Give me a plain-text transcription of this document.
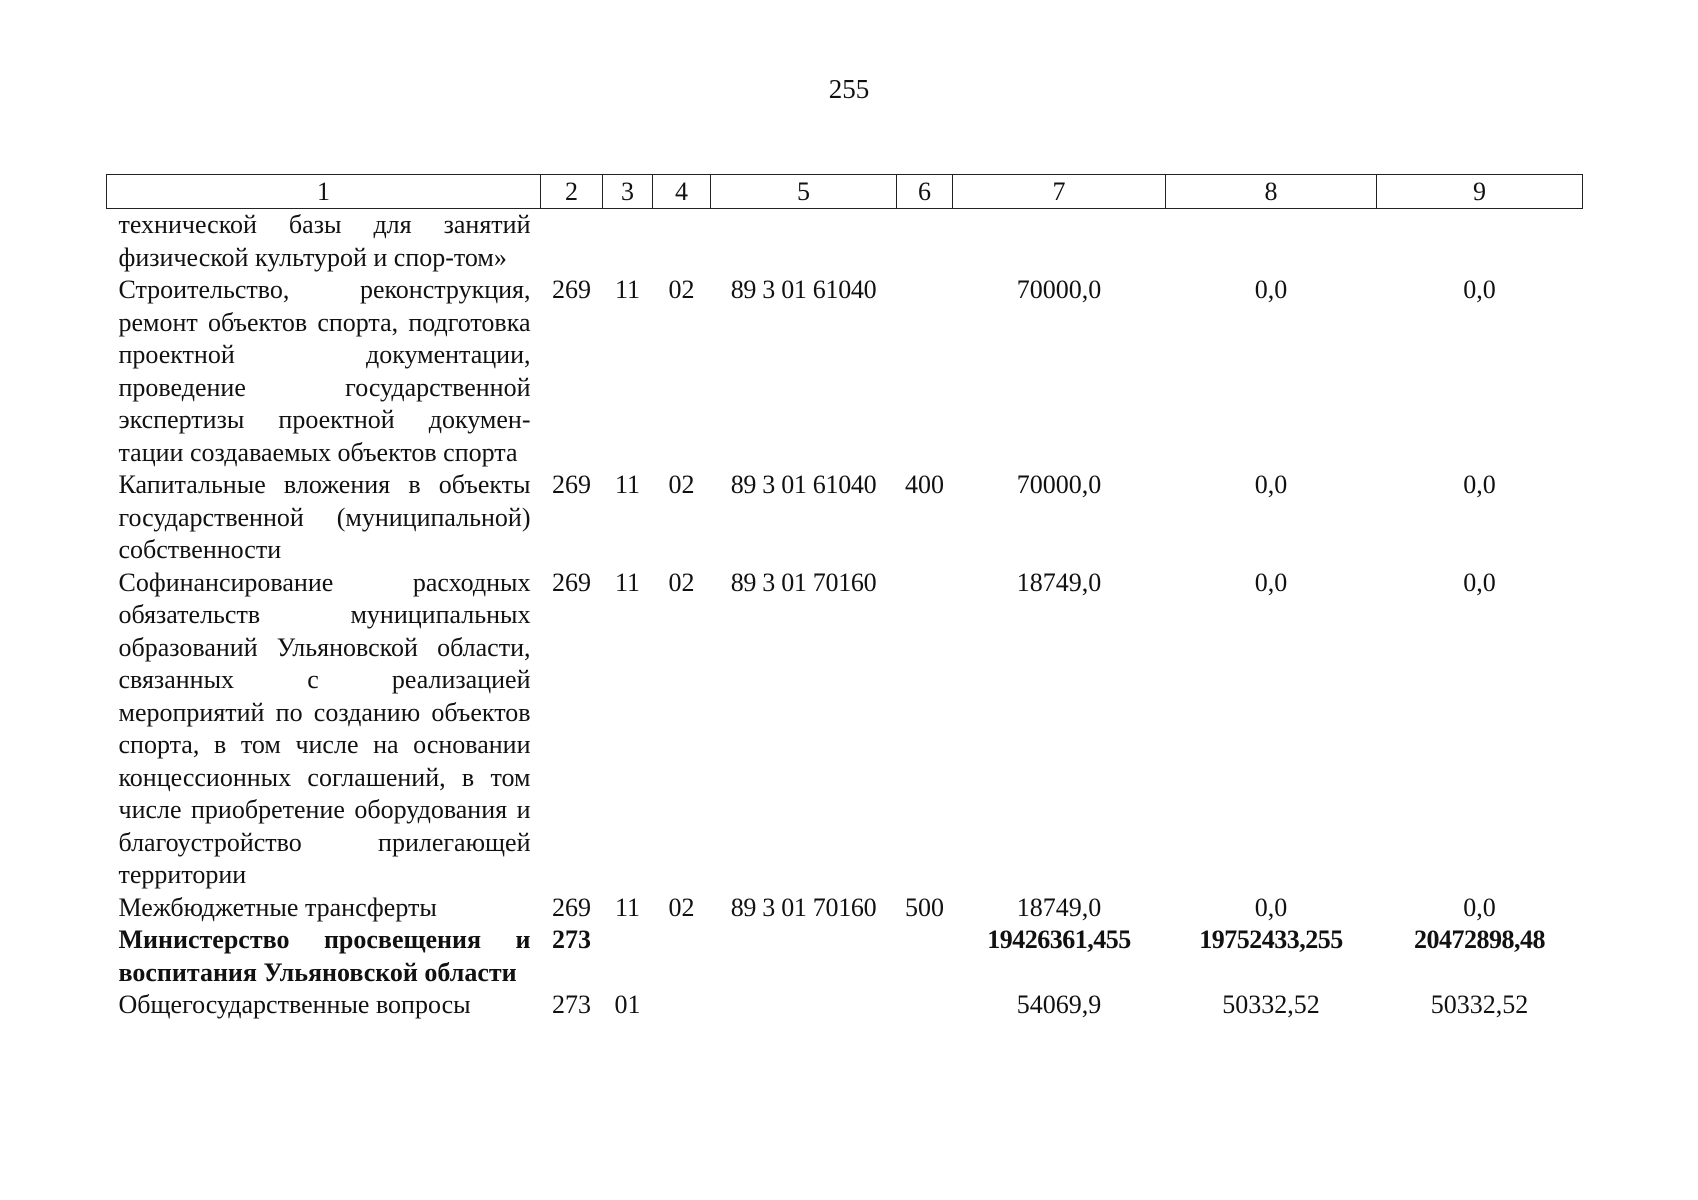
255
1	2	3	4	5	6	7	8	9
технической базы для занятий физической культурой и спор-том»								
Строительство, реконструкция, ремонт объектов спорта, подготовка проектной документации, проведение государственной экспертизы проектной документации создаваемых объектов спорта	269	11	02	89 3 01 61040		70000,0	0,0	0,0
Капитальные вложения в объекты государственной (муниципальной) собственности	269	11	02	89 3 01 61040	400	70000,0	0,0	0,0
Софинансирование расходных обязательств муниципальных образований Ульяновской области, связанных с реализацией мероприятий по созданию объектов спорта, в том числе на основании концессионных соглашений, в том числе приобретение оборудования и благоустройство прилегающей территории	269	11	02	89 3 01 70160		18749,0	0,0	0,0
Межбюджетные трансферты	269	11	02	89 3 01 70160	500	18749,0	0,0	0,0
Министерство просвещения и воспитания Ульяновской области	273					19426361,455	19752433,255	20472898,48
Общегосударственные вопросы	273	01				54069,9	50332,52	50332,52
